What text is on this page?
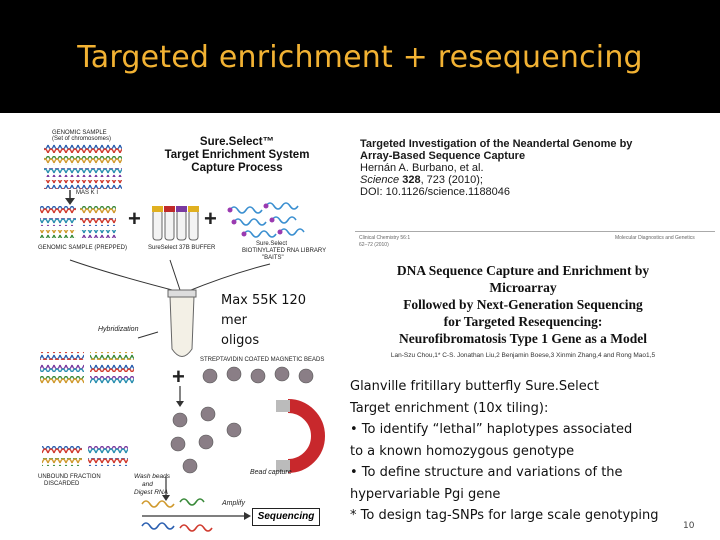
Targeted enrichment + resequencing
Sure.Select™
Target Enrichment System
Capture Process
GENOMIC SAMPLE
(Set of chromosomes)
MAS K I
+	+
GENOMIC SAMPLE (PREPPED)	SureSelect 37B BUFFER
Sure.Select
BIOTINYLATED RNA LIBRARY
"BAITS"
Hybridization
+
STREPTAVIDIN COATED MAGNETIC BEADS
Bead capture
UNBOUND FRACTION
DISCARDED
Wash beads
and
Digest RNA
Amplify
Sequencing
Max 55K 120 mer
oligos
Targeted Investigation of the Neandertal Genome by
Array-Based Sequence Capture
Hernán A. Burbano, et al.
Science 328, 723 (2010);
DOI: 10.1126/science.1188046
Clinical Chemistry 56:1
62–72 (2010)
Molecular Diagnostics and Genetics
DNA Sequence Capture and Enrichment by Microarray
Followed by Next-Generation Sequencing
for Targeted Resequencing:
Neurofibromatosis Type 1 Gene as a Model
Lan-Szu Chou,1* C-S. Jonathan Liu,2 Benjamin Boese,3 Xinmin Zhang,4 and Rong Mao1,5
Glanville fritillary butterfly Sure.Select
Target enrichment (10x tiling):
• To identify “lethal” haplotypes associated
to a known homozygous genotype
• To define structure and variations of the
hypervariable Pgi gene
* To design tag-SNPs for large scale genotyping
10
